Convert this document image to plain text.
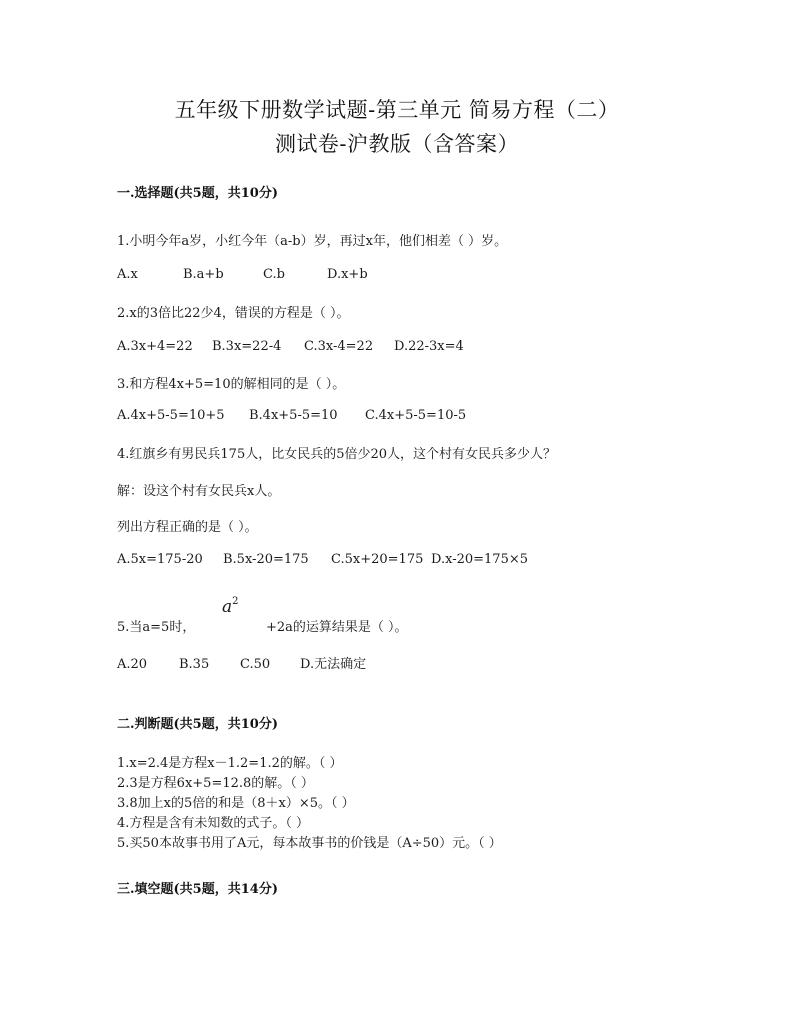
五年级下册数学试题-第三单元 简易方程（二）
测试卷-沪教版（含答案）
一.选择题(共5题，共10分)
1.小明今年a岁，小红今年（a-b）岁，再过x年，他们相差（ ）岁。
A.x	B.a+b	C.b	D.x+b
2.x的3倍比22少4，错误的方程是（ ）。
A.3x+4=22 B.3x=22-4 C.3x-4=22 D.22-3x=4
3.和方程4x+5=10的解相同的是（ ）。
A.4x+5-5=10+5 B.4x+5-5=10 C.4x+5-5=10-5
4.红旗乡有男民兵175人，比女民兵的5倍少20人，这个村有女民兵多少人？
解：设这个村有女民兵x人。
列出方程正确的是（ ）。
A.5x=175-20 B.5x-20=175 C.5x+20=175 D.x-20=175×5
5.当a=5时，
$a^2$
+2a的运算结果是（ ）。
A.20 B.35 C.50 D.无法确定
二.判断题(共5题，共10分)
1.x=2.4是方程x－1.2=1.2的解。（ ）
2.3是方程6x+5=12.8的解。（ ）
3.8加上x的5倍的和是（8＋x）×5。（ ）
4.方程是含有未知数的式子。（ ）
5.买50本故事书用了A元，每本故事书的价钱是（A÷50）元。（ ）
三.填空题(共5题，共14分)
